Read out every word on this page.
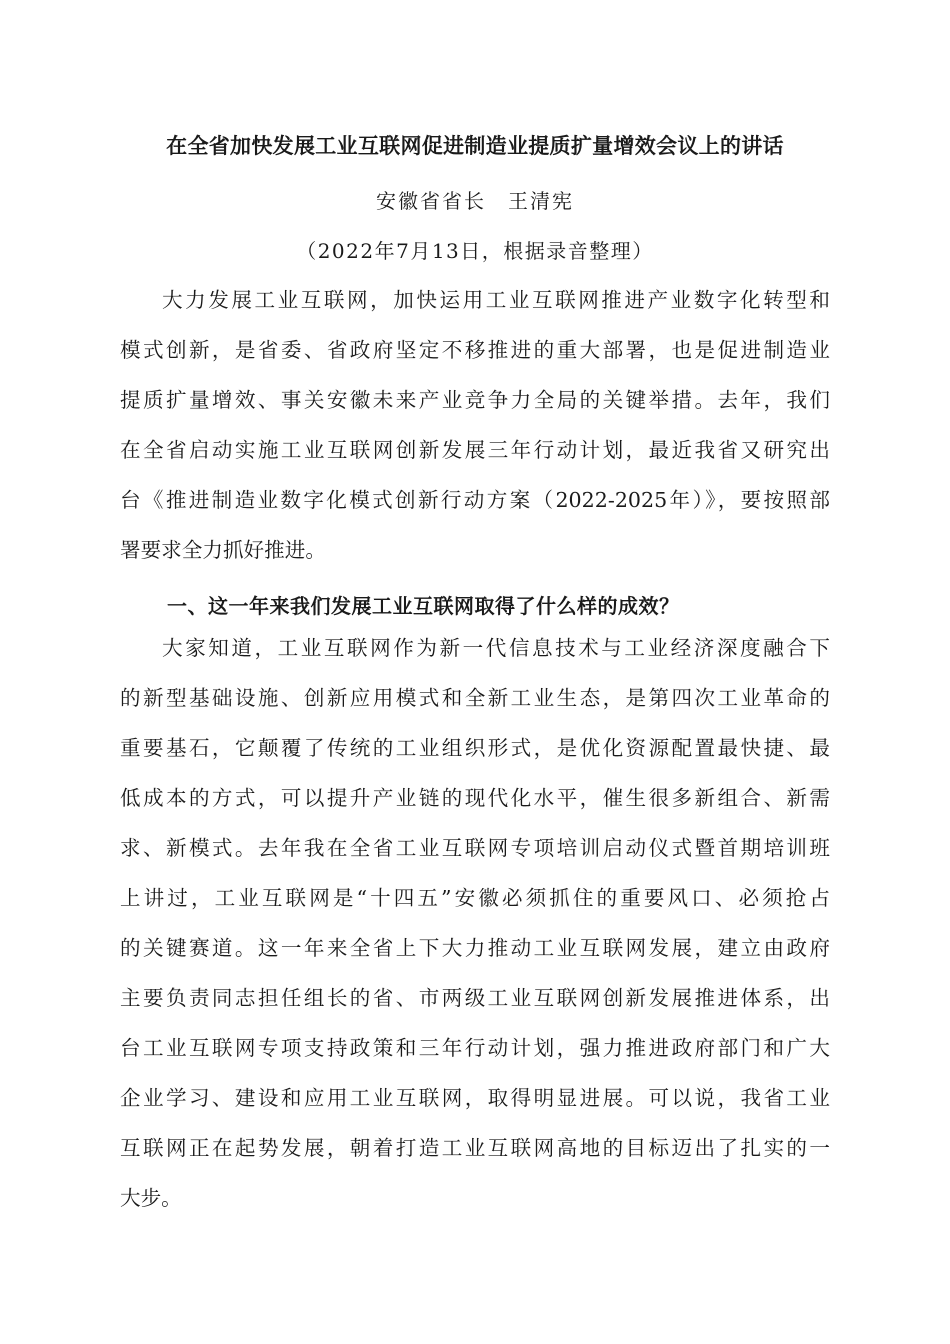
在全省加快发展工业互联网促进制造业提质扩量增效会议上的讲话
安徽省省长 王清宪
（2022年7月13日，根据录音整理）
大力发展工业互联网，加快运用工业互联网推进产业数字化转型和
模式创新，是省委、省政府坚定不移推进的重大部署，也是促进制造业
提质扩量增效、事关安徽未来产业竞争力全局的关键举措。去年，我们
在全省启动实施工业互联网创新发展三年行动计划，最近我省又研究出
台《推进制造业数字化模式创新行动方案（2022-2025年）》，要按照部
署要求全力抓好推进。
一、这一年来我们发展工业互联网取得了什么样的成效？
大家知道，工业互联网作为新一代信息技术与工业经济深度融合下
的新型基础设施、创新应用模式和全新工业生态，是第四次工业革命的
重要基石，它颠覆了传统的工业组织形式，是优化资源配置最快捷、最
低成本的方式，可以提升产业链的现代化水平，催生很多新组合、新需
求、新模式。去年我在全省工业互联网专项培训启动仪式暨首期培训班
上讲过，工业互联网是“十四五”安徽必须抓住的重要风口、必须抢占
的关键赛道。这一年来全省上下大力推动工业互联网发展，建立由政府
主要负责同志担任组长的省、市两级工业互联网创新发展推进体系，出
台工业互联网专项支持政策和三年行动计划，强力推进政府部门和广大
企业学习、建设和应用工业互联网，取得明显进展。可以说，我省工业
互联网正在起势发展，朝着打造工业互联网高地的目标迈出了扎实的一
大步。
